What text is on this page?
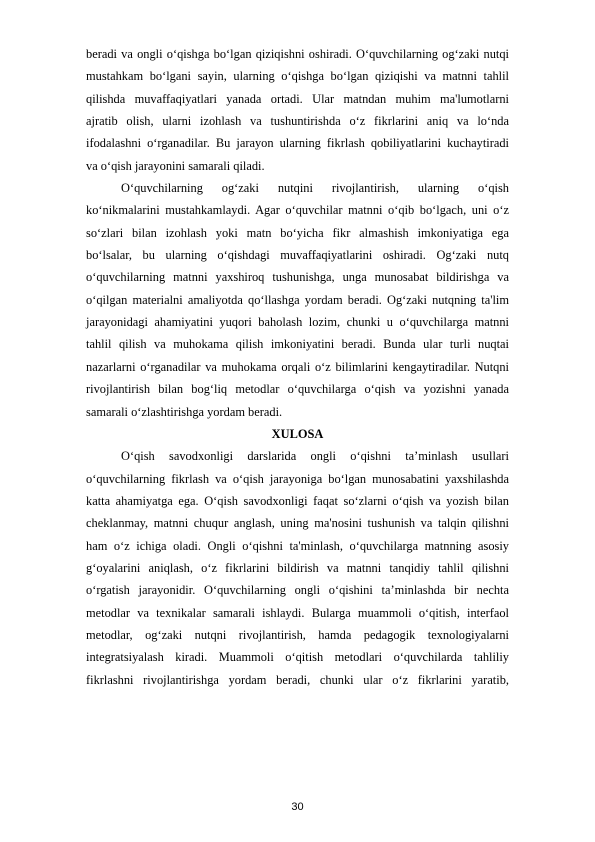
beradi va ongli o‘qishga bo‘lgan qiziqishni oshiradi. O‘quvchilarning og‘zaki nutqi
mustahkam bo‘lgani sayin, ularning o‘qishga bo‘lgan qiziqishi va matnni tahlil
qilishda muvaffaqiyatlari yanada ortadi. Ular matndan muhim ma'lumotlarni
ajratib olish, ularni izohlash va tushuntirishda o‘z fikrlarini aniq va lo‘nda
ifodalashni o‘rganadilar. Bu jarayon ularning fikrlash qobiliyatlarini kuchaytiradi
va o‘qish jarayonini samarali qiladi.
O‘quvchilarning og‘zaki nutqini rivojlantirish, ularning o‘qish
ko‘nikmalarini mustahkamlaydi. Agar o‘quvchilar matnni o‘qib bo‘lgach, uni o‘z
so‘zlari bilan izohlash yoki matn bo‘yicha fikr almashish imkoniyatiga ega
bo‘lsalar, bu ularning o‘qishdagi muvaffaqiyatlarini oshiradi. Og‘zaki nutq
o‘quvchilarning matnni yaxshiroq tushunishga, unga munosabat bildirishga va
o‘qilgan materialni amaliyotda qo‘llashga yordam beradi. Og‘zaki nutqning ta'lim
jarayonidagi ahamiyatini yuqori baholash lozim, chunki u o‘quvchilarga matnni
tahlil qilish va muhokama qilish imkoniyatini beradi. Bunda ular turli nuqtai
nazarlarni o‘rganadilar va muhokama orqali o‘z bilimlarini kengaytiradilar. Nutqni
rivojlantirish bilan bog‘liq metodlar o‘quvchilarga o‘qish va yozishni yanada
samarali o‘zlashtirishga yordam beradi.

XULOSA

O‘qish savodxonligi darslarida ongli o‘qishni ta’minlash usullari
o‘quvchilarning fikrlash va o‘qish jarayoniga bo‘lgan munosabatini yaxshilashda
katta ahamiyatga ega. O‘qish savodxonligi faqat so‘zlarni o‘qish va yozish bilan
cheklanmay, matnni chuqur anglash, uning ma'nosini tushunish va talqin qilishni
ham o‘z ichiga oladi. Ongli o‘qishni ta'minlash, o‘quvchilarga matnning asosiy
g‘oyalarini aniqlash, o‘z fikrlarini bildirish va matnni tanqidiy tahlil qilishni
o‘rgatish jarayonidir. O‘quvchilarning ongli o‘qishini ta’minlashda bir nechta
metodlar va texnikalar samarali ishlaydi. Bularga muammoli o‘qitish, interfaol
metodlar, og‘zaki nutqni rivojlantirish, hamda pedagogik texnologiyalarni
integratsiyalash kiradi. Muammoli o‘qitish metodlari o‘quvchilarda tahliliy
fikrlashni rivojlantirishga yordam beradi, chunki ular o‘z fikrlarini yaratib,
30
